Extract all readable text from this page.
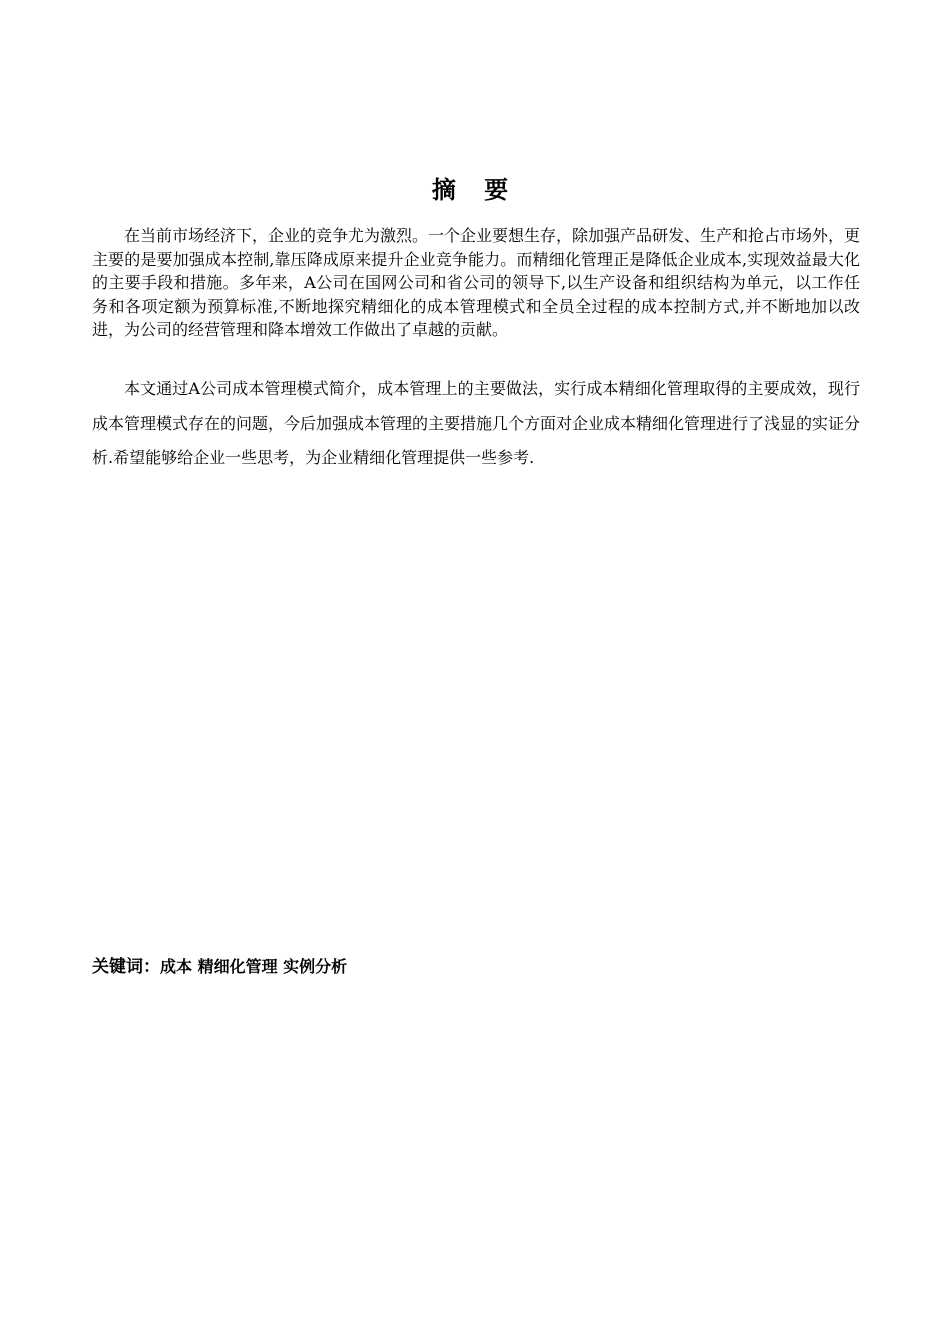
摘 要

在当前市场经济下，企业的竞争尤为激烈。一个企业要想生存，除加强产品研发、生产和抢占市场外，更主要的是要加强成本控制,靠压降成原来提升企业竞争能力。而精细化管理正是降低企业成本,实现效益最大化的主要手段和措施。多年来，A公司在国网公司和省公司的领导下,以生产设备和组织结构为单元，以工作任务和各项定额为预算标准,不断地探究精细化的成本管理模式和全员全过程的成本控制方式,并不断地加以改进，为公司的经营管理和降本增效工作做出了卓越的贡献。

本文通过A公司成本管理模式简介，成本管理上的主要做法，实行成本精细化管理取得的主要成效，现行成本管理模式存在的问题，今后加强成本管理的主要措施几个方面对企业成本精细化管理进行了浅显的实证分析.希望能够给企业一些思考，为企业精细化管理提供一些参考.

关键词：成本 精细化管理 实例分析
